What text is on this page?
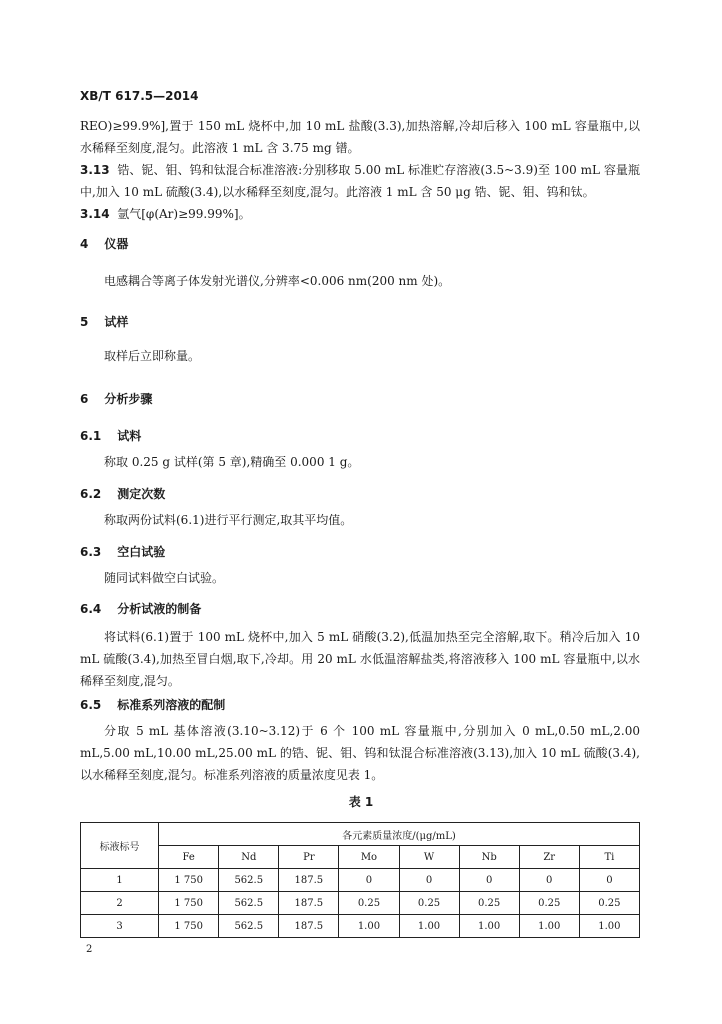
XB/T 617.5—2014
REO)≥99.9%],置于 150 mL 烧杯中,加 10 mL 盐酸(3.3),加热溶解,冷却后移入 100 mL 容量瓶中,以水稀释至刻度,混匀。此溶液 1 mL 含 3.75 mg 镨。
3.13 锆、铌、钼、钨和钛混合标准溶液:分别移取 5.00 mL 标准贮存溶液(3.5~3.9)至 100 mL 容量瓶中,加入 10 mL 硫酸(3.4),以水稀释至刻度,混匀。此溶液 1 mL 含 50 μg 锆、铌、钼、钨和钛。
3.14 氩气[φ(Ar)≥99.99%]。
4 仪器
电感耦合等离子体发射光谱仪,分辨率<0.006 nm(200 nm 处)。
5 试样
取样后立即称量。
6 分析步骤
6.1 试料
称取 0.25 g 试样(第 5 章),精确至 0.000 1 g。
6.2 测定次数
称取两份试料(6.1)进行平行测定,取其平均值。
6.3 空白试验
随同试料做空白试验。
6.4 分析试液的制备
将试料(6.1)置于 100 mL 烧杯中,加入 5 mL 硝酸(3.2),低温加热至完全溶解,取下。稍冷后加入 10 mL 硫酸(3.4),加热至冒白烟,取下,冷却。用 20 mL 水低温溶解盐类,将溶液移入 100 mL 容量瓶中,以水稀释至刻度,混匀。
6.5 标准系列溶液的配制
分取 5 mL 基体溶液(3.10~3.12)于 6 个 100 mL 容量瓶中,分别加入 0 mL,0.50 mL,2.00 mL,5.00 mL,10.00 mL,25.00 mL 的锆、铌、钼、钨和钛混合标准溶液(3.13),加入 10 mL 硫酸(3.4),以水稀释至刻度,混匀。标准系列溶液的质量浓度见表 1。
表 1
标液标号	各元素质量浓度/(μg/mL)							
	Fe	Nd	Pr	Mo	W	Nb	Zr	Ti
1	1 750	562.5	187.5	0	0	0	0	0
2	1 750	562.5	187.5	0.25	0.25	0.25	0.25	0.25
3	1 750	562.5	187.5	1.00	1.00	1.00	1.00	1.00
2
